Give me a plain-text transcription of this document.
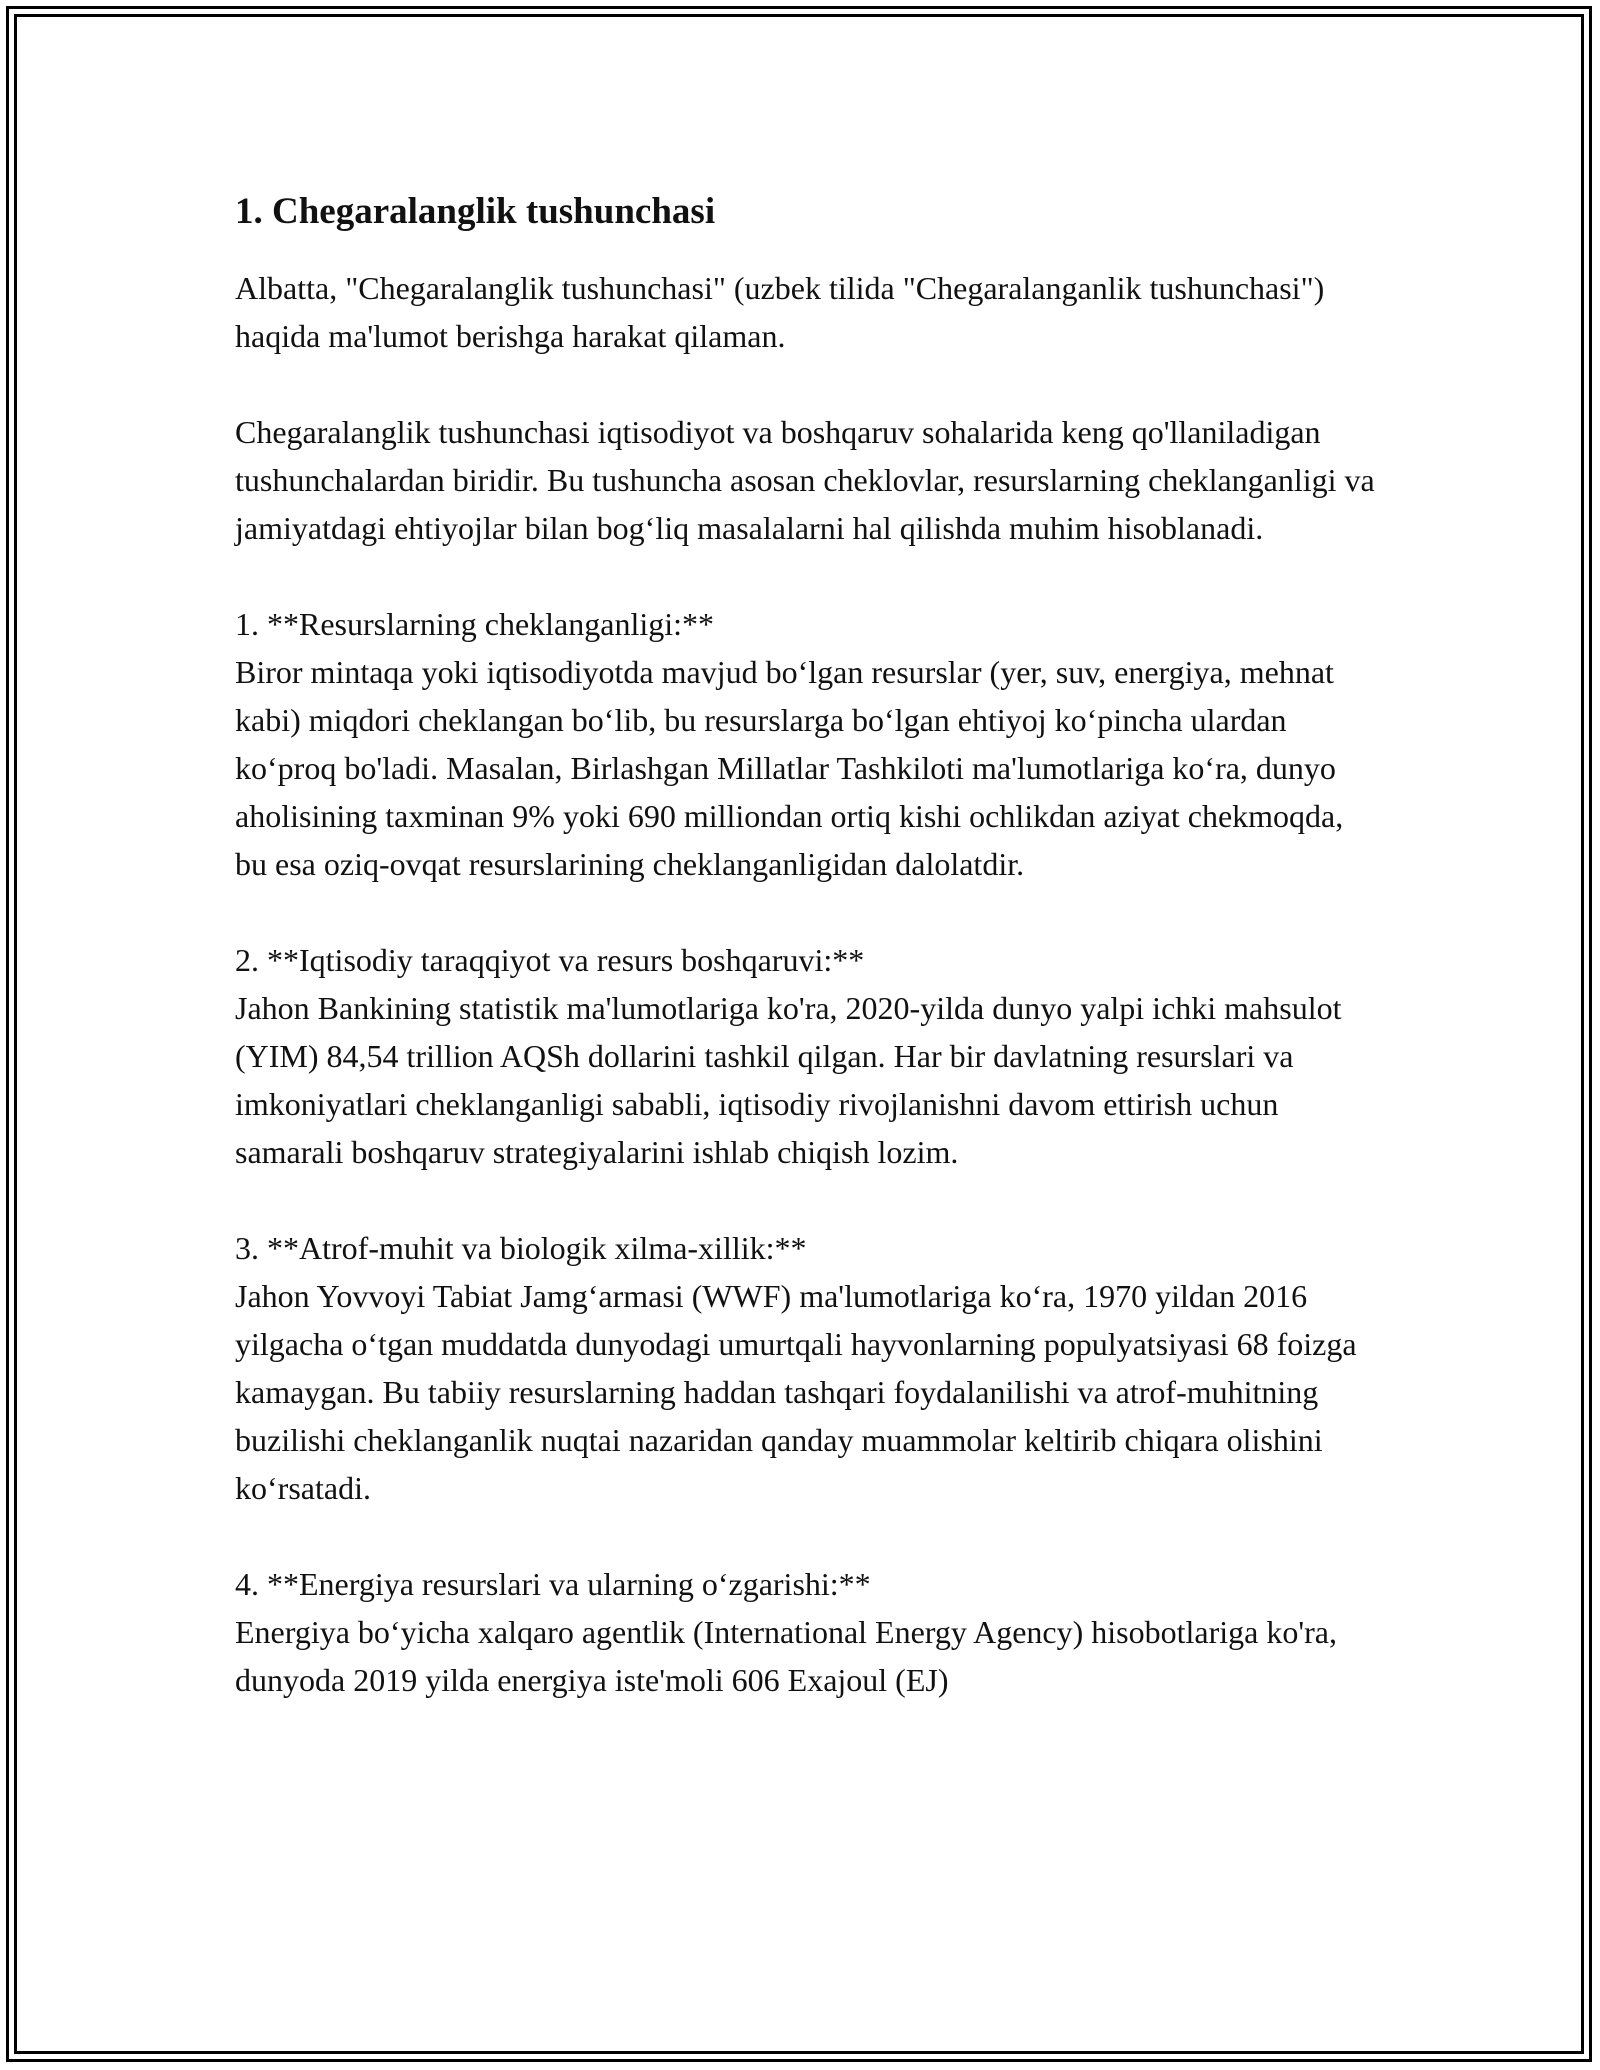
1. Chegaralanglik tushunchasi

Albatta, "Chegaralanglik tushunchasi" (uzbek tilida "Chegaralanganlik tushunchasi") haqida ma'lumot berishga harakat qilaman.

Chegaralanglik tushunchasi iqtisodiyot va boshqaruv sohalarida keng qo'llaniladigan tushunchalardan biridir. Bu tushuncha asosan cheklovlar, resurslarning cheklanganligi va jamiyatdagi ehtiyojlar bilan bog‘liq masalalarni hal qilishda muhim hisoblanadi.

1. **Resurslarning cheklanganligi:**
Biror mintaqa yoki iqtisodiyotda mavjud bo‘lgan resurslar (yer, suv, energiya, mehnat kabi) miqdori cheklangan bo‘lib, bu resurslarga bo‘lgan ehtiyoj ko‘pincha ulardan ko‘proq bo'ladi. Masalan, Birlashgan Millatlar Tashkiloti ma'lumotlariga ko‘ra, dunyo aholisining taxminan 9% yoki 690 milliondan ortiq kishi ochlikdan aziyat chekmoqda, bu esa oziq-ovqat resurslarining cheklanganligidan dalolatdir.

2. **Iqtisodiy taraqqiyot va resurs boshqaruvi:**
Jahon Bankining statistik ma'lumotlariga ko'ra, 2020-yilda dunyo yalpi ichki mahsulot (YIM) 84,54 trillion AQSh dollarini tashkil qilgan. Har bir davlatning resurslari va imkoniyatlari cheklanganligi sababli, iqtisodiy rivojlanishni davom ettirish uchun samarali boshqaruv strategiyalarini ishlab chiqish lozim.

3. **Atrof-muhit va biologik xilma-xillik:**
Jahon Yovvoyi Tabiat Jamg‘armasi (WWF) ma'lumotlariga ko‘ra, 1970 yildan 2016 yilgacha o‘tgan muddatda dunyodagi umurtqali hayvonlarning populyatsiyasi 68 foizga kamaygan. Bu tabiiy resurslarning haddan tashqari foydalanilishi va atrof-muhitning buzilishi cheklanganlik nuqtai nazaridan qanday muammolar keltirib chiqara olishini ko‘rsatadi.

4. **Energiya resurslari va ularning o‘zgarishi:**
Energiya bo‘yicha xalqaro agentlik (International Energy Agency) hisobotlariga ko'ra, dunyoda 2019 yilda energiya iste'moli 606 Exajoul (EJ)
